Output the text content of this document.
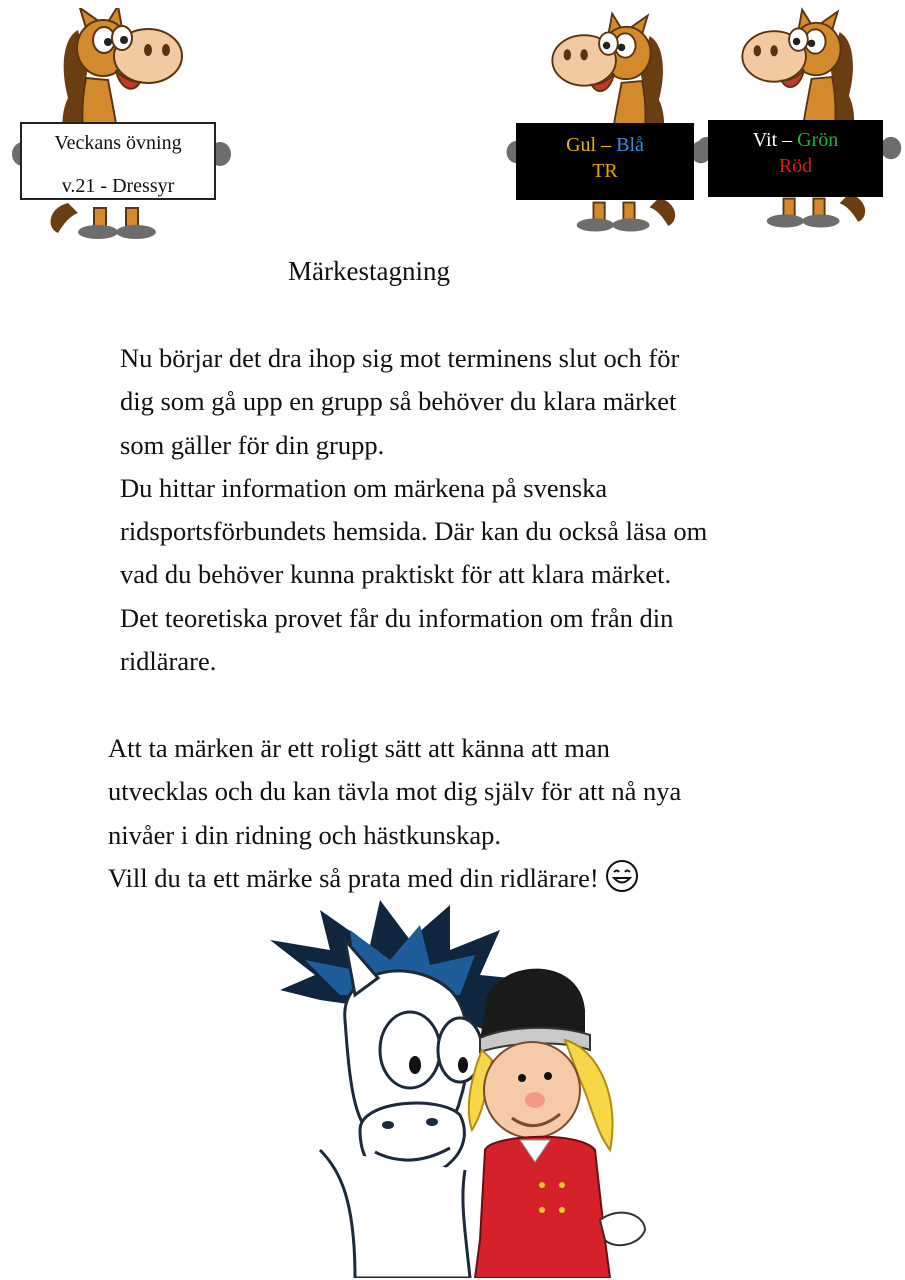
Veckans övning
v.21 - Dressyr
Gul – Blå
TR
Vit – Grön
Röd
Märkestagning
Nu börjar det dra ihop sig mot terminens slut och för
dig som gå upp en grupp så behöver du klara märket
som gäller för din grupp.
Du hittar information om märkena på svenska
ridsportsförbundets hemsida. Där kan du också läsa om
vad du behöver kunna praktiskt för att klara märket.
Det teoretiska provet får du information om från din
ridlärare.
Att ta märken är ett roligt sätt att känna att man
utvecklas och du kan tävla mot dig själv för att nå nya
nivåer i din ridning och hästkunskap.
Vill du ta ett märke så prata med din ridlärare!
